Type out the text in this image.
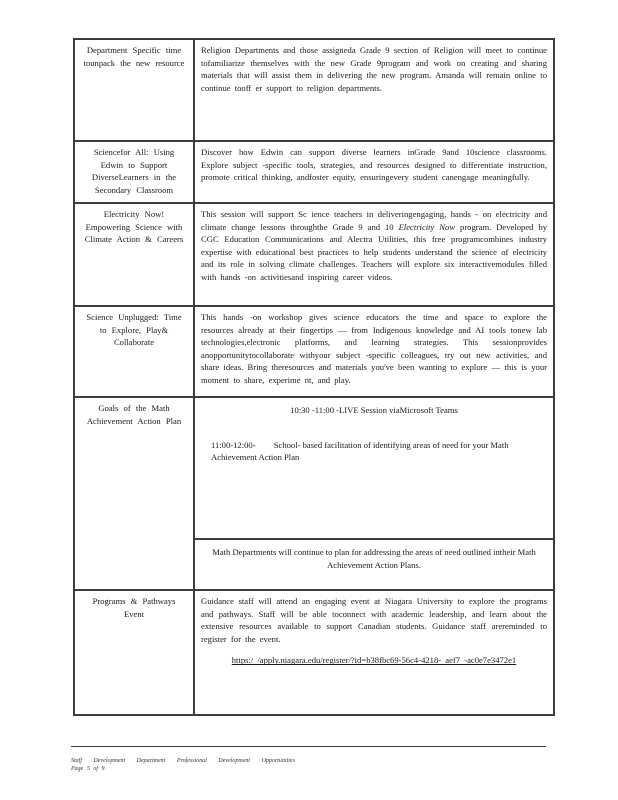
Department Specific time tounpack the new resource
Religion Departments and those assigneda Grade 9 section of Religion will meet to continue tofamiliarize themselves with the new Grade 9program and work on creating and sharing materials that will assist them in delivering the new program. Amanda will remain online to continue tooff er support to religion departments.
Sciencefor All: Using Edwin to Support DiverseLearners in the Secondary Classroom
Discover how Edwin can support diverse learners inGrade 9and 10science classrooms. Explore subject -specific tools, strategies, and resources designed to differentiate instruction, promote critical thinking, andfoster equity, ensuringevery student canengage meaningfully.
Electricity Now! Empowering Science with Climate Action & Careers
This session will support Sc ience teachers in deliveringengaging, hands - on electricity and climate change lessons throughthe Grade 9 and 10 Electricity Now program. Developed by CGC Education Communications and Alectra Utilities, this free programcombines industry expertise with educational best practices to help students understand the science of electricity and its role in solving climate challenges. Teachers will explore six interactivemodules filled with hands -on activitiesand inspiring career videos.
Science Unplugged: Time to Explore, Play& Collaborate
This hands -on workshop gives science educators the time and space to explore the resources already at their fingertips — from Indigenous knowledge and AI tools tonew lab technologies,electronic platforms, and learning strategies. This sessionprovides anopportunitytocollaborate withyour subject -specific colleagues, try out new activities, and share ideas. Bring theresources and materials you've been wanting to explore — this is your moment to share, experime nt, and play.
Goals of the Math Achievement Action Plan
10:30 -11:00 -LIVE Session viaMicrosoft Teams
11:00-12:00- School- based facilitation of identifying areas of need for your Math Achievement Action Plan
Math Departments will continue to plan for addressing the areas of need outlined intheir Math Achievement Action Plans.
Programs & Pathways Event
Guidance staff will attend an engaging event at Niagara University to explore the programs and pathways. Staff will be able toconnect with academic leadership, and learn about the extensive resources available to support Canadian students. Guidance staff arereminded to register for the event.
https:/ /apply.niagara.edu/register/?id=b38fbc69-56c4-4218- aef7 -ac0e7e3472e1
Staff Development Department Professional Development Opportunities
Page 5 of 9
